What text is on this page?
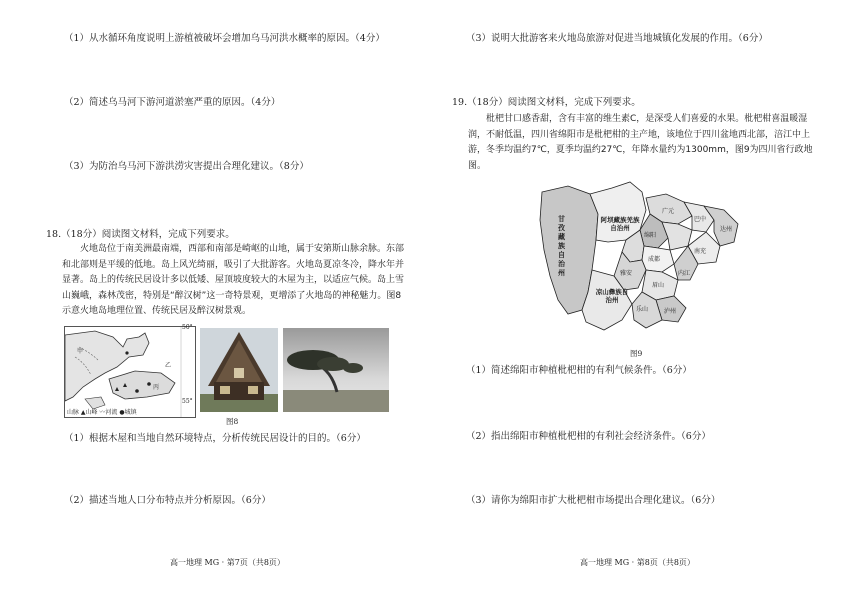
（1）从水循环角度说明上游植被破坏会增加乌马河洪水概率的原因。（4分）
（2）简述乌马河下游河道淤塞严重的原因。（4分）
（3）为防治乌马河下游洪涝灾害提出合理化建议。（8分）
18.（18分）阅读图文材料，完成下列要求。
火地岛位于南美洲最南端，西部和南部是崎岖的山地，属于安第斯山脉余脉。东部和北部则是平缓的低地。岛上风光绮丽，吸引了大批游客。火地岛夏凉冬冷，降水年并显著。岛上的传统民居设计多以低矮、屋顶坡度较大的木屋为主，以适应气候。岛上雪山巍峨，森林茂密，特别是“醉汉树”这一奇特景观，更增添了火地岛的神秘魅力。图8示意火地岛地理位置、传统民居及醉汉树景观。
甲
乙
丙
山脉 ▲山峰 〰河流 ●城镇
50°
55°
图8
（1）根据木屋和当地自然环境特点，分析传统民居设计的目的。（6分）
（2）描述当地人口分布特点并分析原因。（6分）
高一地理 MG · 第7页（共8页）
（3）说明大批游客来火地岛旅游对促进当地城镇化发展的作用。（6分）
19.（18分）阅读图文材料，完成下列要求。
枇杷甘口感香甜，含有丰富的维生素C，是深受人们喜爱的水果。枇杷柑喜温暖湿润，不耐低温，四川省绵阳市是枇杷柑的主产地，该地位于四川盆地西北部，涪江中上游，冬季均温约7℃，夏季均温约27℃，年降水量约为1300mm，图9为四川省行政地图。
甘孜藏族自治州
阿坝藏族羌族自治州
凉山彝族自治州
广元
巴中
达州
绵阳
南充
成都
雅安
乐山
眉山
内江
泸州
图9
（1）简述绵阳市种植枇杷柑的有利气候条件。（6分）
（2）指出绵阳市种植枇杷柑的有利社会经济条件。（6分）
（3）请你为绵阳市扩大枇杷柑市场提出合理化建议。（6分）
高一地理 MG · 第8页（共8页）
